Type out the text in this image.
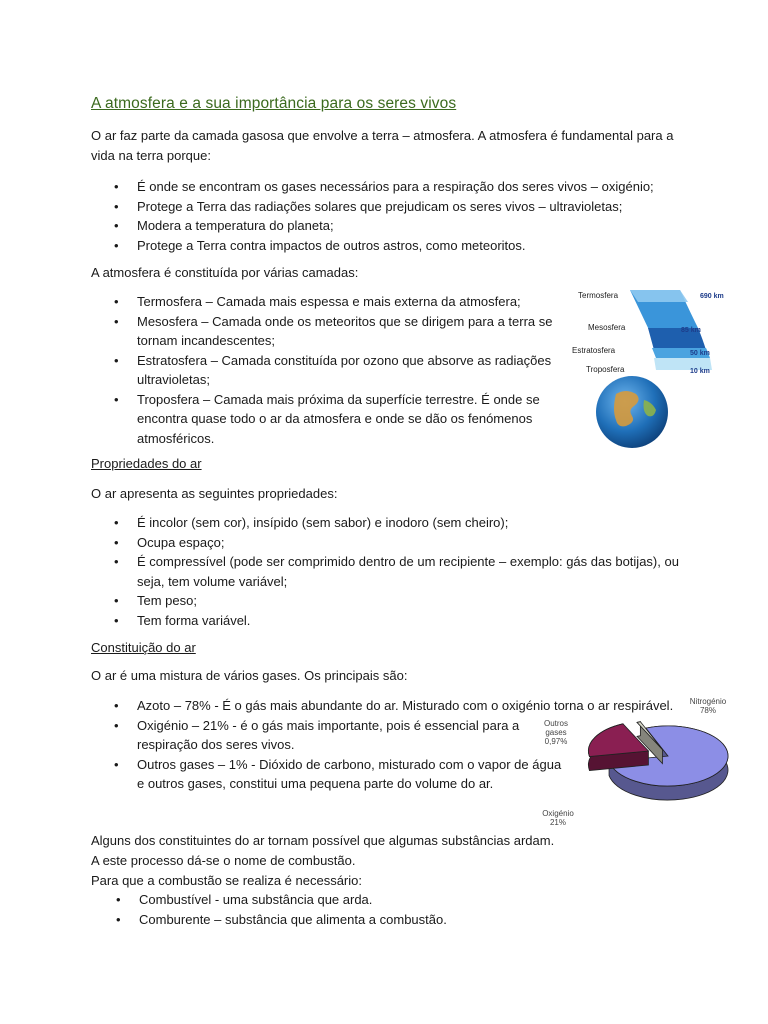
A atmosfera e a sua importância para os seres vivos

O ar faz parte da camada gasosa que envolve a terra – atmosfera. A atmosfera é fundamental para a
vida na terra porque:

• É onde se encontram os gases necessários para a respiração dos seres vivos – oxigénio;
• Protege a Terra das radiações solares que prejudicam os seres vivos – ultravioletas;
• Modera a temperatura do planeta;
• Protege a Terra contra impactos de outros astros, como meteoritos.

A atmosfera é constituída por várias camadas:

• Termosfera – Camada mais espessa e mais externa da atmosfera;
• Mesosfera – Camada onde os meteoritos que se dirigem para a terra se
tornam incandescentes;
• Estratosfera – Camada constituída por ozono que absorve as radiações
ultravioletas;
• Troposfera – Camada mais próxima da superfície terrestre. É onde se
encontra quase todo o ar da atmosfera e onde se dão os fenómenos
atmosféricos.
Termosfera
Mesosfera
Estratosfera
Troposfera
690 km
85 km
50 km
10 km
Propriedades do ar

O ar apresenta as seguintes propriedades:

• É incolor (sem cor), insípido (sem sabor) e inodoro (sem cheiro);
• Ocupa espaço;
• É compressível (pode ser comprimido dentro de um recipiente – exemplo: gás das botijas), ou
seja, tem volume variável;
• Tem peso;
• Tem forma variável.
Constituição do ar

O ar é uma mistura de vários gases. Os principais são:

• Azoto – 78% - É o gás mais abundante do ar. Misturado com o oxigénio torna o ar respirável.
• Oxigénio – 21% - é o gás mais importante, pois é essencial para a
respiração dos seres vivos.
• Outros gases – 1% - Dióxido de carbono, misturado com o vapor de água
e outros gases, constitui uma pequena parte do volume do ar.
Nitrogénio
78%
Outros
gases
0,97%
Oxigénio
21%

Alguns dos constituintes do ar tornam possível que algumas substâncias ardam.
A este processo dá-se o nome de combustão.
Para que a combustão se realiza é necessário:

• Combustível - uma substância que arda.
• Comburente – substância que alimenta a combustão.
